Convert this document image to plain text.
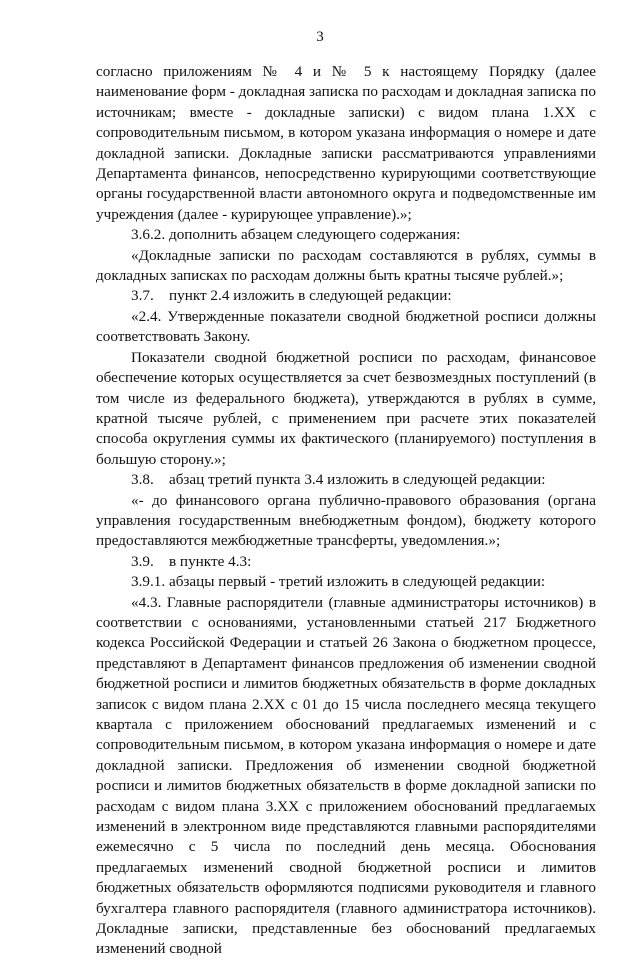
3

согласно приложениям № 4 и № 5 к настоящему Порядку (далее наименование форм - докладная записка по расходам и докладная записка по источникам; вместе - докладные записки) с видом плана 1.XX с сопроводительным письмом, в котором указана информация о номере и дате докладной записки. Докладные записки рассматриваются управлениями Департамента финансов, непосредственно курирующими соответствующие органы государственной власти автономного округа и подведомственные им учреждения (далее - курирующее управление).»;

3.6.2. дополнить абзацем следующего содержания:

«Докладные записки по расходам составляются в рублях, суммы в докладных записках по расходам должны быть кратны тысяче рублей.»;

3.7.    пункт 2.4 изложить в следующей редакции:

«2.4. Утвержденные показатели сводной бюджетной росписи должны соответствовать Закону.

Показатели сводной бюджетной росписи по расходам, финансовое обеспечение которых осуществляется за счет безвозмездных поступлений (в том числе из федерального бюджета), утверждаются в рублях в сумме, кратной тысяче рублей, с применением при расчете этих показателей способа округления суммы их фактического (планируемого) поступления в большую сторону.»;

3.8.    абзац третий пункта 3.4 изложить в следующей редакции:

«- до финансового органа публично-правового образования (органа управления государственным внебюджетным фондом), бюджету которого предоставляются межбюджетные трансферты, уведомления.»;

3.9.    в пункте 4.3:

3.9.1. абзацы первый - третий изложить в следующей редакции:

«4.3. Главные распорядители (главные администраторы источников) в соответствии с основаниями, установленными статьей 217 Бюджетного кодекса Российской Федерации и статьей 26 Закона о бюджетном процессе, представляют в Департамент финансов предложения об изменении сводной бюджетной росписи и лимитов бюджетных обязательств в форме докладных записок с видом плана 2.XX с 01 до 15 числа последнего месяца текущего квартала с приложением обоснований предлагаемых изменений и с сопроводительным письмом, в котором указана информация о номере и дате докладной записки. Предложения об изменении сводной бюджетной росписи и лимитов бюджетных обязательств в форме докладной записки по расходам с видом плана 3.XX с приложением обоснований предлагаемых изменений в электронном виде представляются главными распорядителями ежемесячно с 5 числа по последний день месяца. Обоснования предлагаемых изменений сводной бюджетной росписи и лимитов бюджетных обязательств оформляются подписями руководителя и главного бухгалтера главного распорядителя (главного администратора источников). Докладные записки, представленные без обоснований предлагаемых изменений сводной
